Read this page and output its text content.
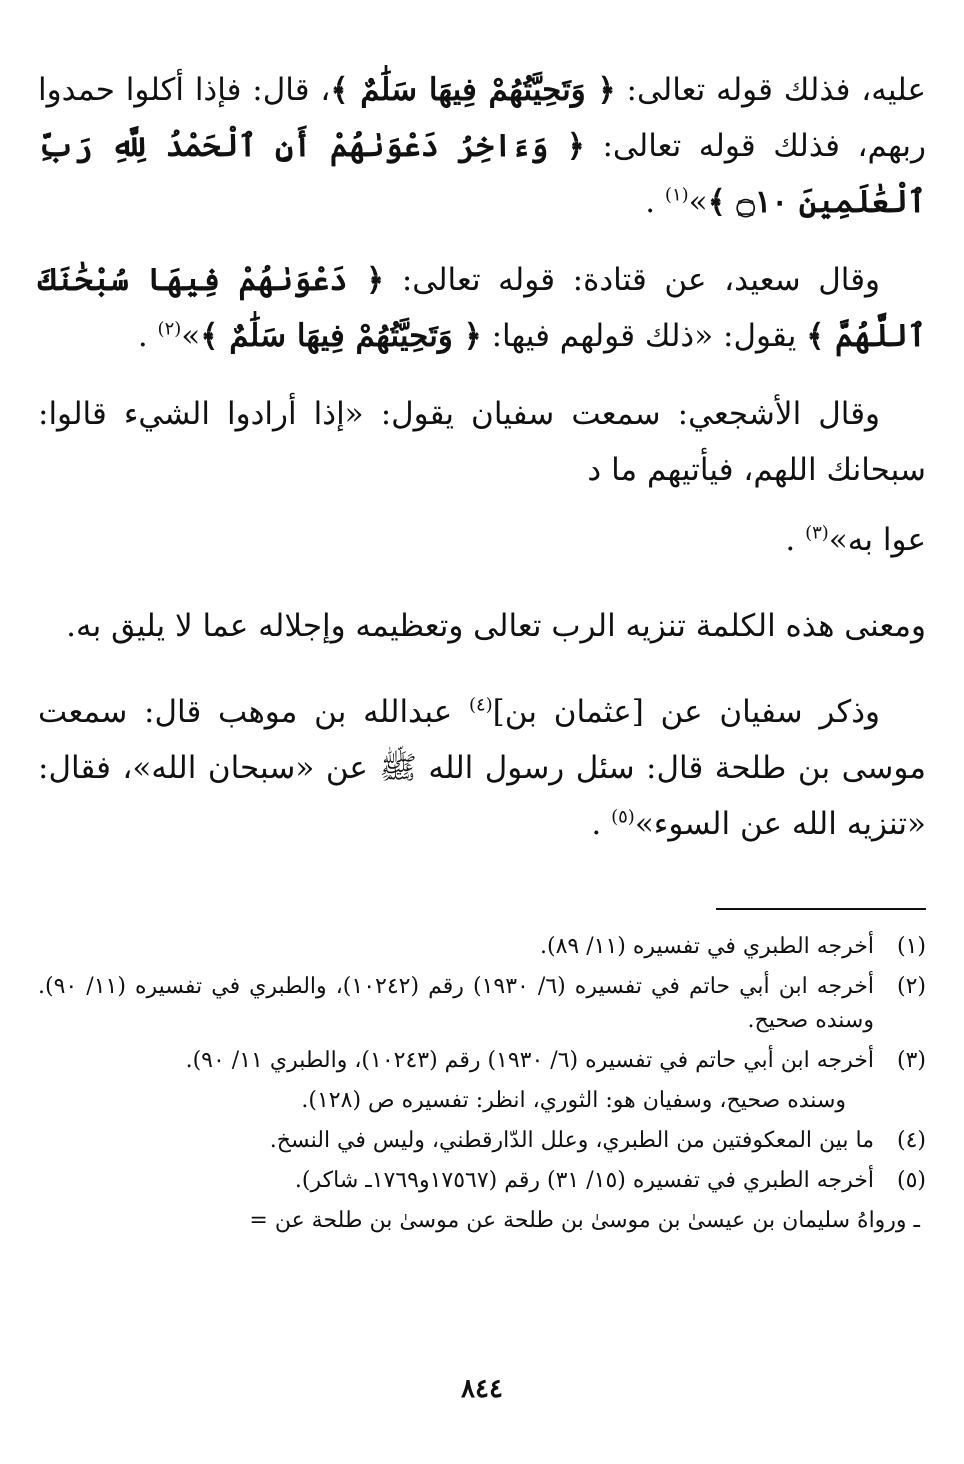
عليه، فذلك قوله تعالى: ﴿ وَتَحِيَّتُهُمْ فِيهَا سَلَٰمٌ ﴾، قال: فإذا أكلوا حمدوا ربهم، فذلك قوله تعالى: ﴿ وَءَاخِرُ دَعْوَىٰهُمْ أَنِ ٱلْحَمْدُ لِلَّهِ رَبِّ ٱلْعَٰلَمِينَ ۝١٠ ﴾»$^{(١)}$ .

وقال سعيد، عن قتادة: قوله تعالى: ﴿ دَعْوَىٰهُمْ فِيهَا سُبْحَٰنَكَ ٱللَّهُمَّ ﴾ يقول: «ذلك قولهم فيها: ﴿ وَتَحِيَّتُهُمْ فِيهَا سَلَٰمٌ ﴾»$^{(٢)}$ .

وقال الأشجعي: سمعت سفيان يقول: «إذا أرادوا الشيء قالوا: سبحانك اللهم، فيأتيهم ما د

عوا به»$^{(٣)}$ .

ومعنى هذه الكلمة تنزيه الرب تعالى وتعظيمه وإجلاله عما لا يليق به.

وذكر سفيان عن [عثمان بن]$^{(٤)}$ عبدالله بن موهب قال: سمعت موسى بن طلحة قال: سئل رسول الله ﷺ عن «سبحان الله»، فقال: «تنزيه الله عن السوء»$^{(٥)}$ .

(١)
أخرجه الطبري في تفسيره (١١/ ٨٩).
(٢)
أخرجه ابن أبي حاتم في تفسيره (٦/ ١٩٣٠) رقم (١٠٢٤٢)، والطبري في تفسيره (١١/ ٩٠). وسنده صحيح.
(٣)
أخرجه ابن أبي حاتم في تفسيره (٦/ ١٩٣٠) رقم (١٠٢٤٣)، والطبري ١١/ ٩٠).
وسنده صحيح، وسفيان هو: الثوري، انظر: تفسيره ص (١٢٨).
(٤)
ما بين المعكوفتين من الطبري، وعلل الدّارقطني، وليس في النسخ.
(٥)
أخرجه الطبري في تفسيره (١٥/ ٣١) رقم (١٧٥٦٧و١٧٦٩ـ شاكر).
ـ ورواهُ سليمان بن عيسىٰ بن موسىٰ بن طلحة عن موسىٰ بن طلحة عن =
٨٤٤
